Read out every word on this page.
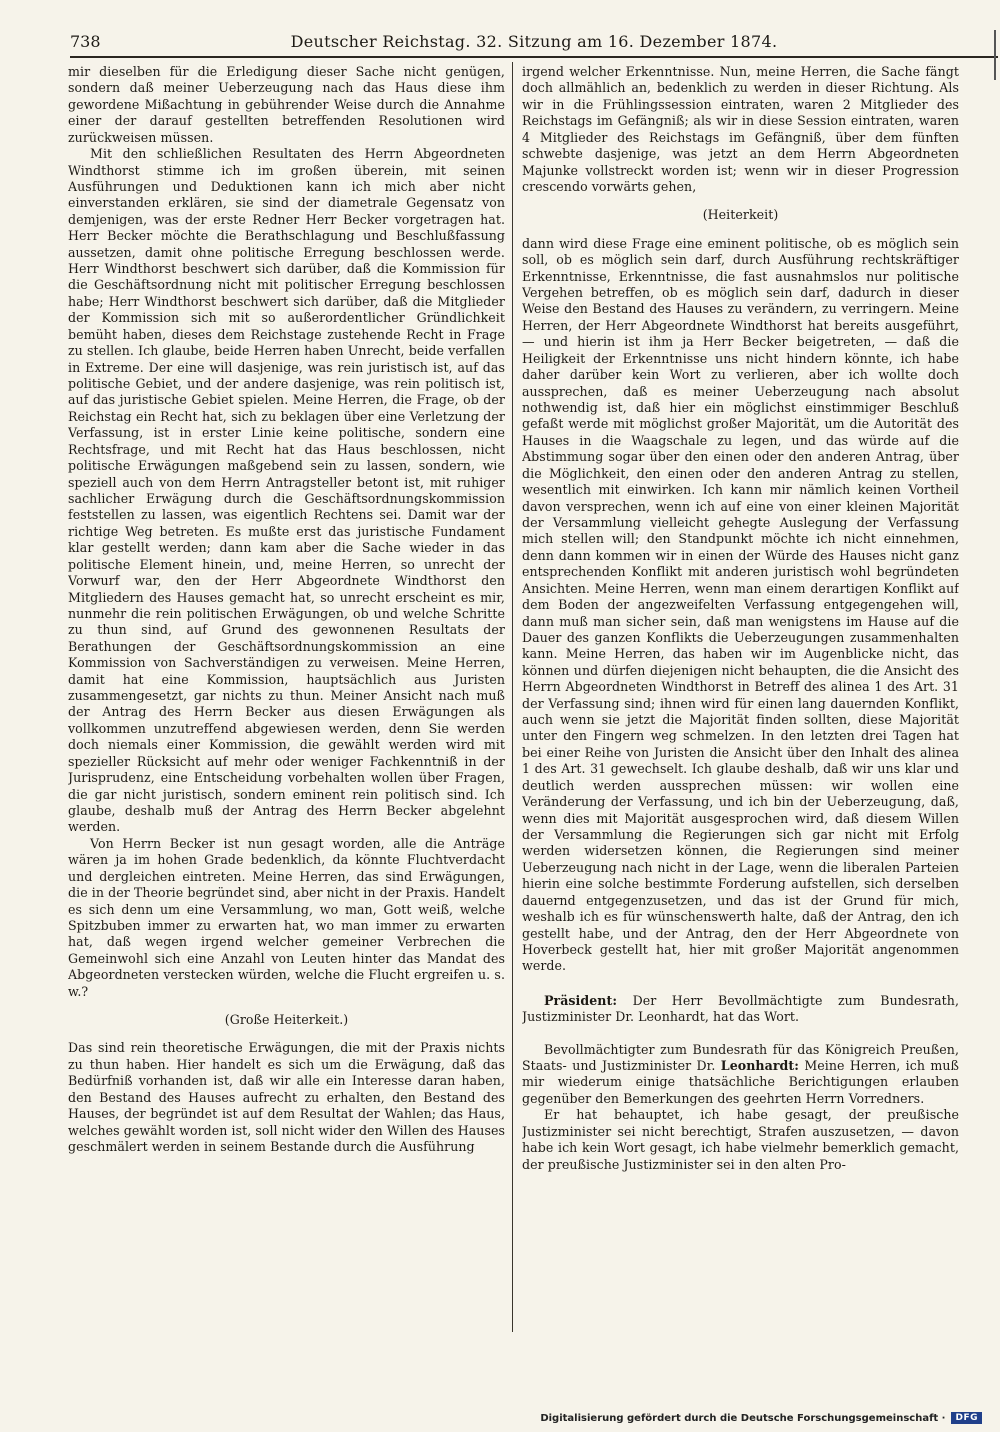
738	Deutscher Reichstag. 32. Sitzung am 16. Dezember 1874.

mir dieselben für die Erledigung dieser Sache nicht genügen, sondern daß meiner Ueberzeugung nach das Haus diese ihm gewordene Mißachtung in gebührender Weise durch die Annahme einer der darauf gestellten betreffenden Resolutionen wird zurückweisen müssen.

Mit den schließlichen Resultaten des Herrn Abgeordneten Windthorst stimme ich im großen überein, mit seinen Ausführungen und Deduktionen kann ich mich aber nicht einverstanden erklären, sie sind der diametrale Gegensatz von demjenigen, was der erste Redner Herr Becker vorgetragen hat. Herr Becker möchte die Berathschlagung und Beschlußfassung aussetzen, damit ohne politische Erregung beschlossen werde. Herr Windthorst beschwert sich darüber, daß die Kommission für die Geschäftsordnung nicht mit politischer Erregung beschlossen habe; Herr Windthorst beschwert sich darüber, daß die Mitglieder der Kommission sich mit so außerordentlicher Gründlichkeit bemüht haben, dieses dem Reichstage zustehende Recht in Frage zu stellen. Ich glaube, beide Herren haben Unrecht, beide verfallen in Extreme. Der eine will dasjenige, was rein juristisch ist, auf das politische Gebiet, und der andere dasjenige, was rein politisch ist, auf das juristische Gebiet spielen. Meine Herren, die Frage, ob der Reichstag ein Recht hat, sich zu beklagen über eine Verletzung der Verfassung, ist in erster Linie keine politische, sondern eine Rechtsfrage, und mit Recht hat das Haus beschlossen, nicht politische Erwägungen maßgebend sein zu lassen, sondern, wie speziell auch von dem Herrn Antragsteller betont ist, mit ruhiger sachlicher Erwägung durch die Geschäftsordnungskommission feststellen zu lassen, was eigentlich Rechtens sei. Damit war der richtige Weg betreten. Es mußte erst das juristische Fundament klar gestellt werden; dann kam aber die Sache wieder in das politische Element hinein, und, meine Herren, so unrecht der Vorwurf war, den der Herr Abgeordnete Windthorst den Mitgliedern des Hauses gemacht hat, so unrecht erscheint es mir, nunmehr die rein politischen Erwägungen, ob und welche Schritte zu thun sind, auf Grund des gewonnenen Resultats der Berathungen der Geschäftsordnungskommission an eine Kommission von Sachverständigen zu verweisen. Meine Herren, damit hat eine Kommission, hauptsächlich aus Juristen zusammengesetzt, gar nichts zu thun. Meiner Ansicht nach muß der Antrag des Herrn Becker aus diesen Erwägungen als vollkommen unzutreffend abgewiesen werden, denn Sie werden doch niemals einer Kommission, die gewählt werden wird mit spezieller Rücksicht auf mehr oder weniger Fachkenntniß in der Jurisprudenz, eine Entscheidung vorbehalten wollen über Fragen, die gar nicht juristisch, sondern eminent rein politisch sind. Ich glaube, deshalb muß der Antrag des Herrn Becker abgelehnt werden.

Von Herrn Becker ist nun gesagt worden, alle die Anträge wären ja im hohen Grade bedenklich, da könnte Fluchtverdacht und dergleichen eintreten. Meine Herren, das sind Erwägungen, die in der Theorie begründet sind, aber nicht in der Praxis. Handelt es sich denn um eine Versammlung, wo man, Gott weiß, welche Spitzbuben immer zu erwarten hat, wo man immer zu erwarten hat, daß wegen irgend welcher gemeiner Verbrechen die Gemeinwohl sich eine Anzahl von Leuten hinter das Mandat des Abgeordneten verstecken würden, welche die Flucht ergreifen u. s. w.?

(Große Heiterkeit.)

Das sind rein theoretische Erwägungen, die mit der Praxis nichts zu thun haben. Hier handelt es sich um die Erwägung, daß das Bedürfniß vorhanden ist, daß wir alle ein Interesse daran haben, den Bestand des Hauses aufrecht zu erhalten, den Bestand des Hauses, der begründet ist auf dem Resultat der Wahlen; das Haus, welches gewählt worden ist, soll nicht wider den Willen des Hauses geschmälert werden in seinem Bestande durch die Ausführung

irgend welcher Erkenntnisse. Nun, meine Herren, die Sache fängt doch allmählich an, bedenklich zu werden in dieser Richtung. Als wir in die Frühlingssession eintraten, waren 2 Mitglieder des Reichstags im Gefängniß; als wir in diese Session eintraten, waren 4 Mitglieder des Reichstags im Gefängniß, über dem fünften schwebte dasjenige, was jetzt an dem Herrn Abgeordneten Majunke vollstreckt worden ist; wenn wir in dieser Progression crescendo vorwärts gehen,

(Heiterkeit)

dann wird diese Frage eine eminent politische, ob es möglich sein soll, ob es möglich sein darf, durch Ausführung rechtskräftiger Erkenntnisse, Erkenntnisse, die fast ausnahmslos nur politische Vergehen betreffen, ob es möglich sein darf, dadurch in dieser Weise den Bestand des Hauses zu verändern, zu verringern. Meine Herren, der Herr Abgeordnete Windthorst hat bereits ausgeführt, — und hierin ist ihm ja Herr Becker beigetreten, — daß die Heiligkeit der Erkenntnisse uns nicht hindern könnte, ich habe daher darüber kein Wort zu verlieren, aber ich wollte doch aussprechen, daß es meiner Ueberzeugung nach absolut nothwendig ist, daß hier ein möglichst einstimmiger Beschluß gefaßt werde mit möglichst großer Majorität, um die Autorität des Hauses in die Waagschale zu legen, und das würde auf die Abstimmung sogar über den einen oder den anderen Antrag, über die Möglichkeit, den einen oder den anderen Antrag zu stellen, wesentlich mit einwirken. Ich kann mir nämlich keinen Vortheil davon versprechen, wenn ich auf eine von einer kleinen Majorität der Versammlung vielleicht gehegte Auslegung der Verfassung mich stellen will; den Standpunkt möchte ich nicht einnehmen, denn dann kommen wir in einen der Würde des Hauses nicht ganz entsprechenden Konflikt mit anderen juristisch wohl begründeten Ansichten. Meine Herren, wenn man einem derartigen Konflikt auf dem Boden der angezweifelten Verfassung entgegengehen will, dann muß man sicher sein, daß man wenigstens im Hause auf die Dauer des ganzen Konflikts die Ueberzeugungen zusammenhalten kann. Meine Herren, das haben wir im Augenblicke nicht, das können und dürfen diejenigen nicht behaupten, die die Ansicht des Herrn Abgeordneten Windthorst in Betreff des alinea 1 des Art. 31 der Verfassung sind; ihnen wird für einen lang dauernden Konflikt, auch wenn sie jetzt die Majorität finden sollten, diese Majorität unter den Fingern weg schmelzen. In den letzten drei Tagen hat bei einer Reihe von Juristen die Ansicht über den Inhalt des alinea 1 des Art. 31 gewechselt. Ich glaube deshalb, daß wir uns klar und deutlich werden aussprechen müssen: wir wollen eine Veränderung der Verfassung, und ich bin der Ueberzeugung, daß, wenn dies mit Majorität ausgesprochen wird, daß diesem Willen der Versammlung die Regierungen sich gar nicht mit Erfolg werden widersetzen können, die Regierungen sind meiner Ueberzeugung nach nicht in der Lage, wenn die liberalen Parteien hierin eine solche bestimmte Forderung aufstellen, sich derselben dauernd entgegenzusetzen, und das ist der Grund für mich, weshalb ich es für wünschenswerth halte, daß der Antrag, den ich gestellt habe, und der Antrag, den der Herr Abgeordnete von Hoverbeck gestellt hat, hier mit großer Majorität angenommen werde.

Präsident: Der Herr Bevollmächtigte zum Bundesrath, Justizminister Dr. Leonhardt, hat das Wort.

Bevollmächtigter zum Bundesrath für das Königreich Preußen, Staats- und Justizminister Dr. Leonhardt: Meine Herren, ich muß mir wiederum einige thatsächliche Berichtigungen erlauben gegenüber den Bemerkungen des geehrten Herrn Vorredners.

Er hat behauptet, ich habe gesagt, der preußische Justizminister sei nicht berechtigt, Strafen auszusetzen, — davon habe ich kein Wort gesagt, ich habe vielmehr bemerklich gemacht, der preußische Justizminister sei in den alten Pro-

Digitalisierung gefördert durch die Deutsche Forschungsgemeinschaft ·	DFG
